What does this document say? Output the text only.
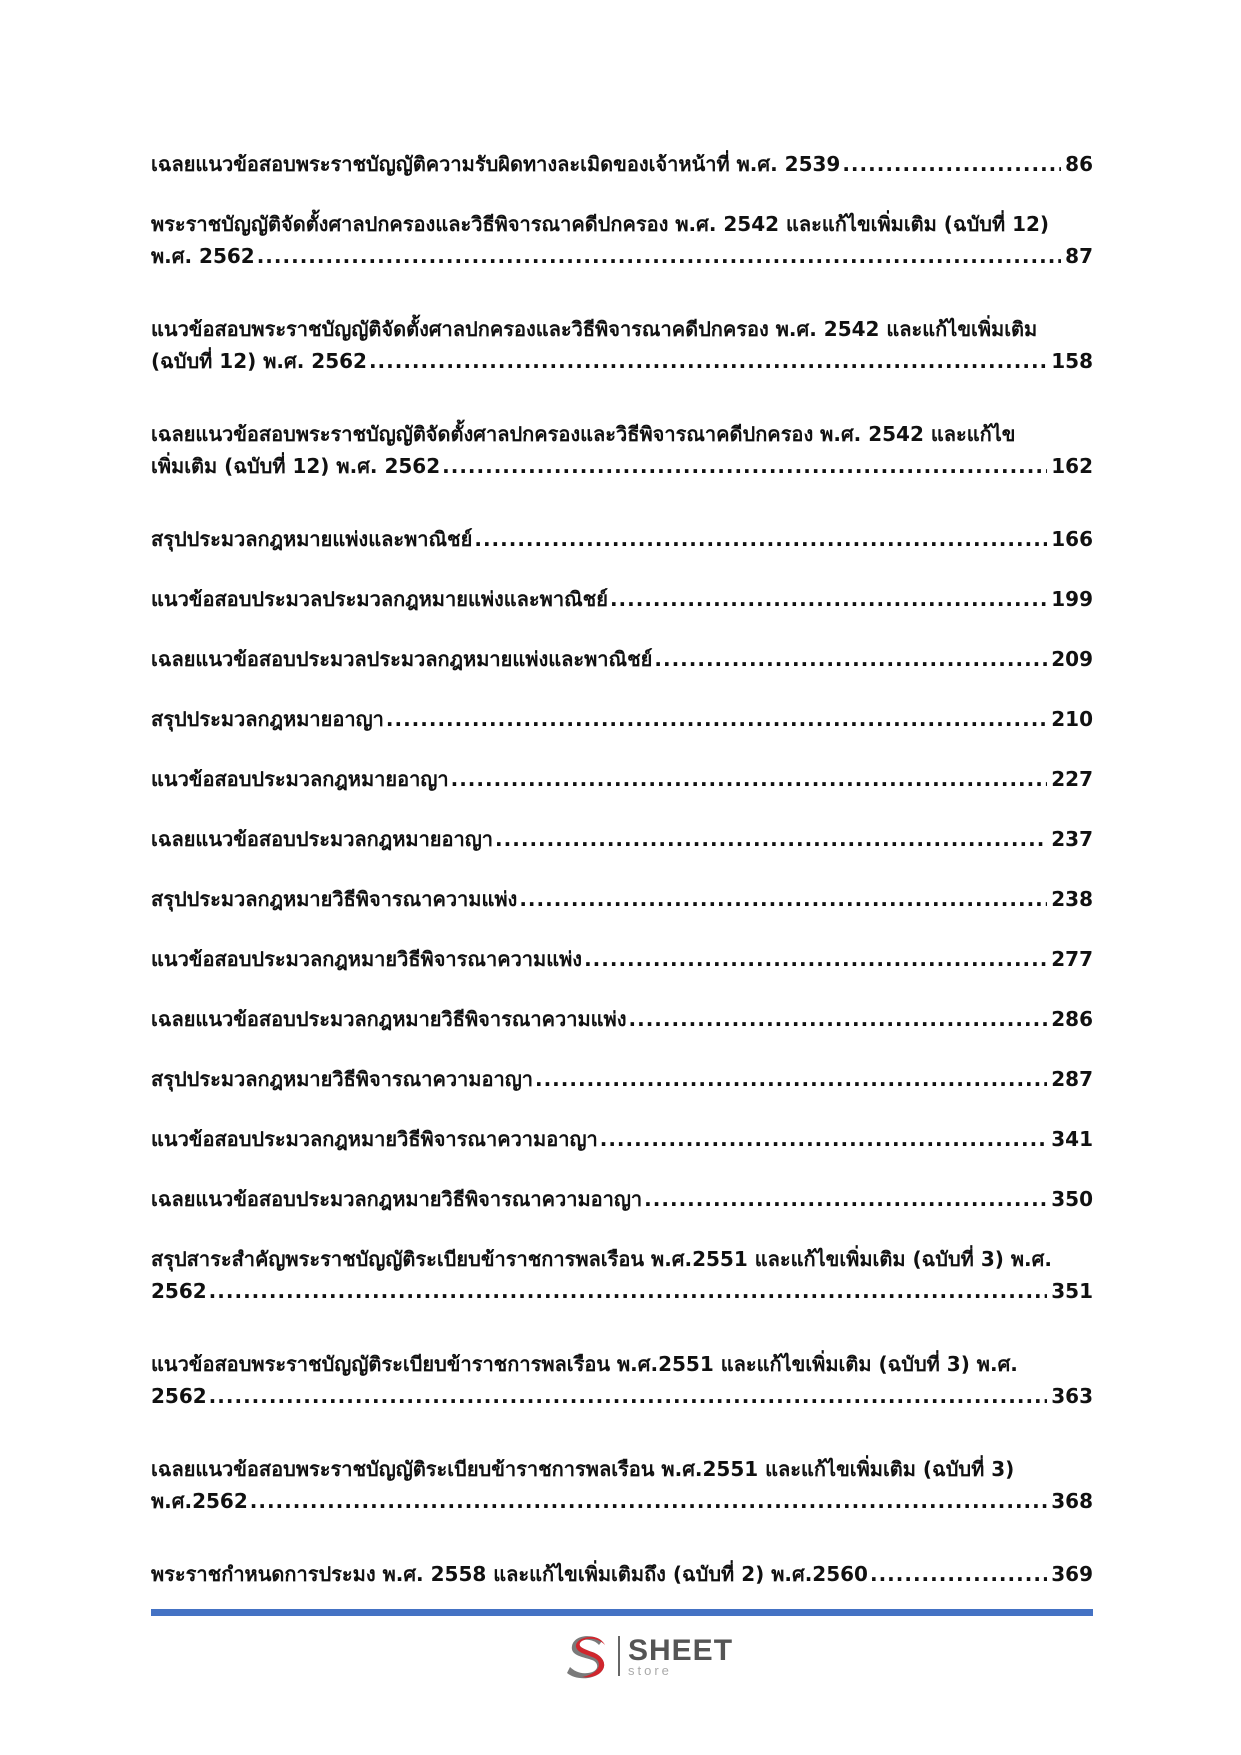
เฉลยแนวข้อสอบพระราชบัญญัติความรับผิดทางละเมิดของเจ้าหน้าที่ พ.ศ. 2539 .....	86
พระราชบัญญัติจัดตั้งศาลปกครองและวิธีพิจารณาคดีปกครอง พ.ศ. 2542 และแก้ไขเพิ่มเติม (ฉบับที่ 12)
พ.ศ. 2562 .....	87
แนวข้อสอบพระราชบัญญัติจัดตั้งศาลปกครองและวิธีพิจารณาคดีปกครอง พ.ศ. 2542 และแก้ไขเพิ่มเติม
(ฉบับที่ 12) พ.ศ. 2562 .....	158
เฉลยแนวข้อสอบพระราชบัญญัติจัดตั้งศาลปกครองและวิธีพิจารณาคดีปกครอง พ.ศ. 2542 และแก้ไข
เพิ่มเติม (ฉบับที่ 12) พ.ศ. 2562 .....	162
สรุปประมวลกฎหมายแพ่งและพาณิชย์ .....	166
แนวข้อสอบประมวลประมวลกฎหมายแพ่งและพาณิชย์ .....	199
เฉลยแนวข้อสอบประมวลประมวลกฎหมายแพ่งและพาณิชย์ .....	209
สรุปประมวลกฎหมายอาญา .....	210
แนวข้อสอบประมวลกฎหมายอาญา .....	227
เฉลยแนวข้อสอบประมวลกฎหมายอาญา .....	237
สรุปประมวลกฎหมายวิธีพิจารณาความแพ่ง .....	238
แนวข้อสอบประมวลกฎหมายวิธีพิจารณาความแพ่ง .....	277
เฉลยแนวข้อสอบประมวลกฎหมายวิธีพิจารณาความแพ่ง .....	286
สรุปประมวลกฎหมายวิธีพิจารณาความอาญา .....	287
แนวข้อสอบประมวลกฎหมายวิธีพิจารณาความอาญา .....	341
เฉลยแนวข้อสอบประมวลกฎหมายวิธีพิจารณาความอาญา .....	350
สรุปสาระสำคัญพระราชบัญญัติระเบียบข้าราชการพลเรือน พ.ศ.2551 และแก้ไขเพิ่มเติม (ฉบับที่ 3) พ.ศ.
2562 .....	351
แนวข้อสอบพระราชบัญญัติระเบียบข้าราชการพลเรือน พ.ศ.2551 และแก้ไขเพิ่มเติม (ฉบับที่ 3) พ.ศ.
2562 .....	363
เฉลยแนวข้อสอบพระราชบัญญัติระเบียบข้าราชการพลเรือน พ.ศ.2551 และแก้ไขเพิ่มเติม (ฉบับที่ 3)
พ.ศ.2562 .....	368
พระราชกำหนดการประมง พ.ศ. 2558 และแก้ไขเพิ่มเติมถึง (ฉบับที่ 2) พ.ศ.2560 .....	369
SHEET
store
